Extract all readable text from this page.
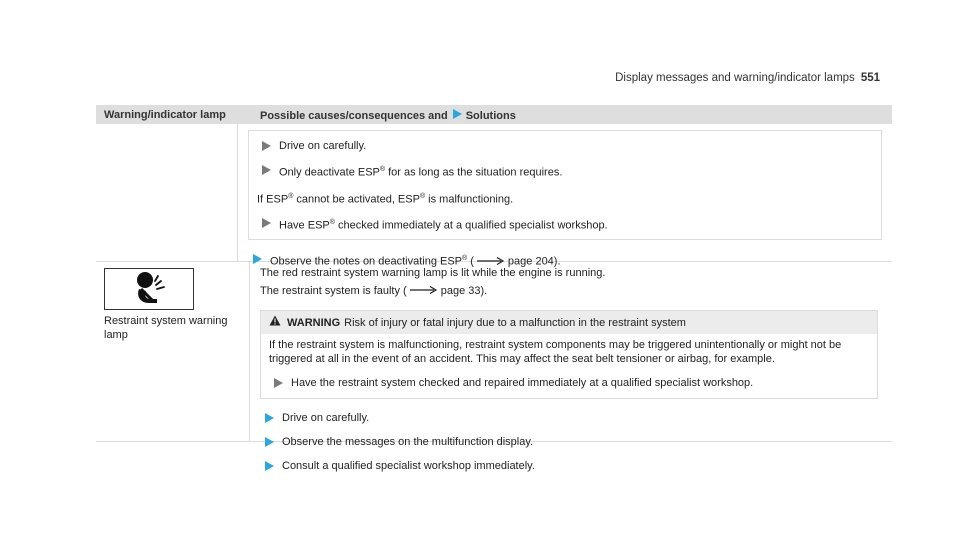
Display messages and warning/indicator lamps 551
Warning/indicator lamp	Possible causes/consequences and Solutions
Drive on carefully.
Only deactivate ESP® for as long as the situation requires.
If ESP® cannot be activated, ESP® is malfunctioning.
Have ESP® checked immediately at a qualified specialist workshop.
Observe the notes on deactivating ESP® (	page 204).
Restraint system warning lamp
The red restraint system warning lamp is lit while the engine is running.
The restraint system is faulty (	page 33).
WARNING Risk of injury or fatal injury due to a malfunction in the restraint system
If the restraint system is malfunctioning, restraint system components may be triggered unintentionally or might not be triggered at all in the event of an accident. This may affect the seat belt tensioner or airbag, for example.
Have the restraint system checked and repaired immediately at a qualified specialist workshop.
Drive on carefully.
Observe the messages on the multifunction display.
Consult a qualified specialist workshop immediately.
